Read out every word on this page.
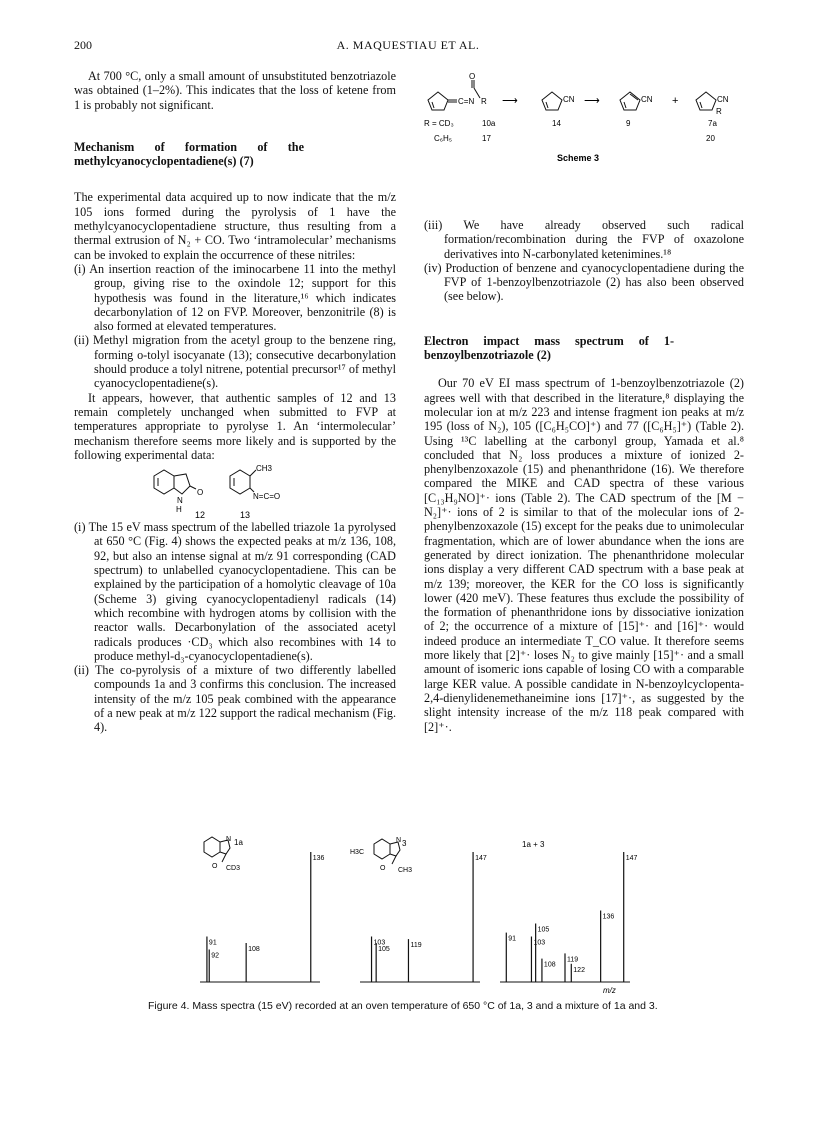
200	A. MAQUESTIAU ET AL.

At 700 °C, only a small amount of unsubstituted benzotriazole was obtained (1–2%). This indicates that the loss of ketene from 1 is probably not significant.

Mechanism of formation of the methylcyanocyclopentadiene(s) (7)

The experimental data acquired up to now indicate that the m/z 105 ions formed during the pyrolysis of 1 have the methylcyanocyclopentadiene structure, thus resulting from a thermal extrusion of N₂ + CO. Two ‘intramolecular’ mechanisms can be invoked to explain the occurrence of these nitriles:

(i) An insertion reaction of the iminocarbene 11 into the methyl group, giving rise to the oxindole 12; support for this hypothesis was found in the literature,¹⁶ which indicates decarbonylation of 12 on FVP. Moreover, benzonitrile (8) is also formed at elevated temperatures.

(ii) Methyl migration from the acetyl group to the benzene ring, forming o-tolyl isocyanate (13); consecutive decarbonylation should produce a tolyl nitrene, potential precursor¹⁷ of methyl cyanocyclopentadiene(s).

It appears, however, that authentic samples of 12 and 13 remain completely unchanged when submitted to FVP at temperatures appropriate to pyrolyse 1. An ‘intermolecular’ mechanism therefore seems more likely and is supported by the following experimental data:

N
O
H
12
CH3
N=C=O
13

(i) The 15 eV mass spectrum of the labelled triazole 1a pyrolysed at 650 °C (Fig. 4) shows the expected peaks at m/z 136, 108, 92, but also an intense signal at m/z 91 corresponding (CAD spectrum) to unlabelled cyanocyclopentadiene. This can be explained by the participation of a homolytic cleavage of 10a (Scheme 3) giving cyanocyclopentadienyl radicals (14) which recombine with hydrogen atoms by collision with the reactor walls. Decarbonylation of the associated acetyl radicals produces ·CD₃ which also recombines with 14 to produce methyl-d₃-cyanocyclopentadiene(s).

(ii) The co-pyrolysis of a mixture of two differently labelled compounds 1a and 3 confirms this conclusion. The increased intensity of the m/z 105 peak combined with the appearance of a new peak at m/z 122 support the radical mechanism (Fig. 4).

O
C=N R ⟶	CN ⟶	CN +	CN
R
R = CD₃	10a
C₆H₅	17
14	9	7a
20
Scheme 3

(iii) We have already observed such radical formation/recombination during the FVP of oxazolone derivatives into N-carbonylated ketenimines.¹⁸

(iv) Production of benzene and cyanocyclopentadiene during the FVP of 1-benzoylbenzotriazole (2) has also been observed (see below).

Electron impact mass spectrum of 1-benzoylbenzotriazole (2)

Our 70 eV EI mass spectrum of 1-benzoylbenzotriazole (2) agrees well with that described in the literature,⁸ displaying the molecular ion at m/z 223 and intense fragment ion peaks at m/z 195 (loss of N₂), 105 ([C₆H₅CO]⁺) and 77 ([C₆H₅]⁺) (Table 2). Using ¹³C labelling at the carbonyl group, Yamada et al.⁸ concluded that N₂ loss produces a mixture of ionized 2-phenylbenzoxazole (15) and phenanthridone (16). We therefore compared the MIKE and CAD spectra of these various [C₁₃H₉NO]⁺· ions (Table 2). The CAD spectrum of the [M − N₂]⁺· ions of 2 is similar to that of the molecular ions of 2-phenylbenzoxazole (15) except for the peaks due to unimolecular fragmentation, which are of lower abundance when the ions are generated by direct ionization. The phenanthridone molecular ions display a very different CAD spectrum with a base peak at m/z 139; moreover, the KER for the CO loss is significantly lower (420 meV). These features thus exclude the possibility of the formation of phenanthridone ions by dissociative ionization of 2; the occurrence of a mixture of [15]⁺· and [16]⁺· would indeed produce an intermediate T_CO value. It therefore seems more likely that [2]⁺· loses N₂ to give mainly [15]⁺· and a small amount of isomeric ions capable of losing CO with a comparable large KER value. A possible candidate in N-benzoylcyclopenta-2,4-dienylidenemethaneimine ions [17]⁺·, as suggested by the slight intensity increase of the m/z 118 peak compared with [2]⁺·.

91
92
108
136
103
105
119
147
91
103
105
108
119
122
136
147
1a
N
O CD3
3
H3C
N
O CH3
1a + 3
m/z
Figure 4. Mass spectra (15 eV) recorded at an oven temperature of 650 °C of 1a, 3 and a mixture of 1a and 3.
